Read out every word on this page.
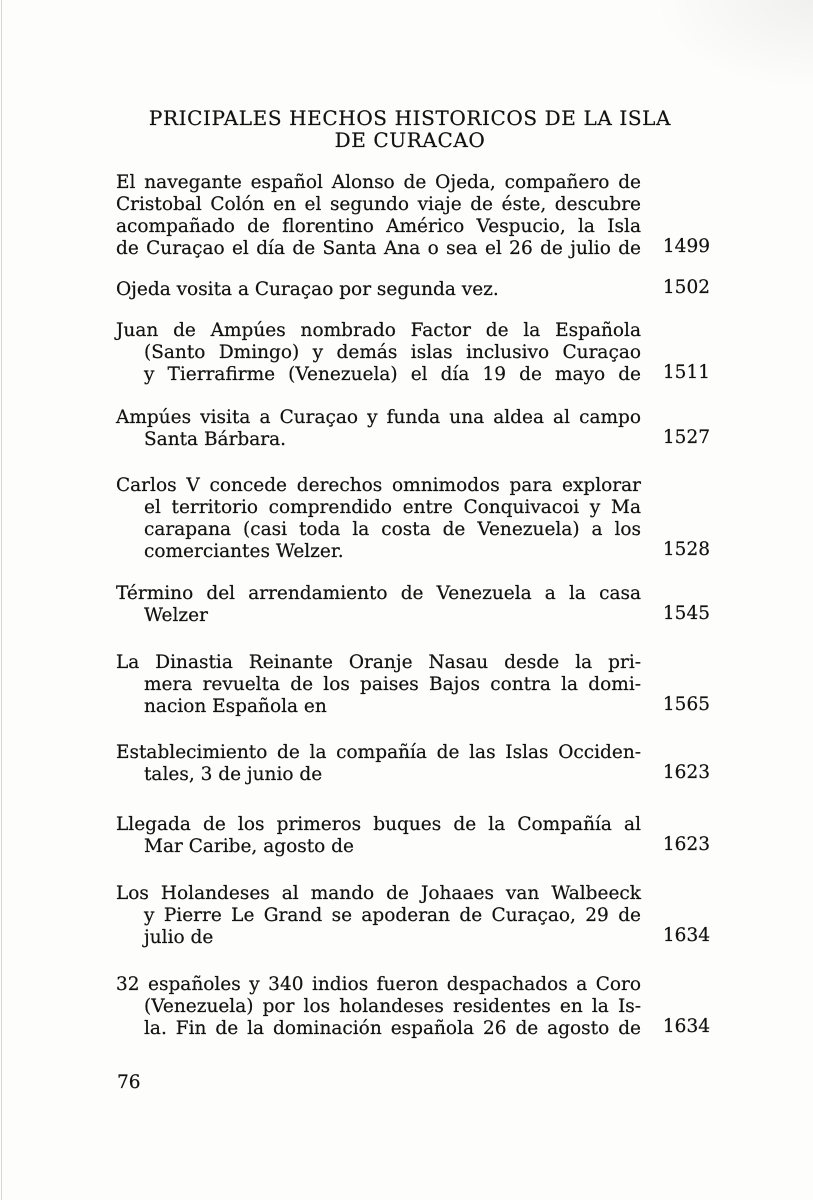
PRICIPALES HECHOS HISTORICOS DE LA ISLA
DE CURACAO
El navegante español Alonso de Ojeda, compañero de
Cristobal Colón en el segundo viaje de éste, descubre
acompañado de florentino Américo Vespucio, la Isla
de Curaçao el día de Santa Ana o sea el 26 de julio de	1499
Ojeda vosita a Curaçao por segunda vez.	1502
Juan de Ampúes nombrado Factor de la Española
(Santo Dmingo) y demás islas inclusivo Curaçao
y Tierrafirme (Venezuela) el día 19 de mayo de	1511
Ampúes visita a Curaçao y funda una aldea al campo
Santa Bárbara.	1527
Carlos V concede derechos omnimodos para explorar
el territorio comprendido entre Conquivacoi y Ma
carapana (casi toda la costa de Venezuela) a los
comerciantes Welzer.	1528
Término del arrendamiento de Venezuela a la casa
Welzer	1545
La Dinastia Reinante Oranje Nasau desde la pri-
mera revuelta de los paises Bajos contra la domi-
nacion Española en	1565
Establecimiento de la compañía de las Islas Occiden-
tales, 3 de junio de	1623
Llegada de los primeros buques de la Compañía al
Mar Caribe, agosto de	1623
Los Holandeses al mando de Johaaes van Walbeeck
y Pierre Le Grand se apoderan de Curaçao, 29 de
julio de	1634
32 españoles y 340 indios fueron despachados a Coro
(Venezuela) por los holandeses residentes en la Is-
la. Fin de la dominación española 26 de agosto de	1634
76
